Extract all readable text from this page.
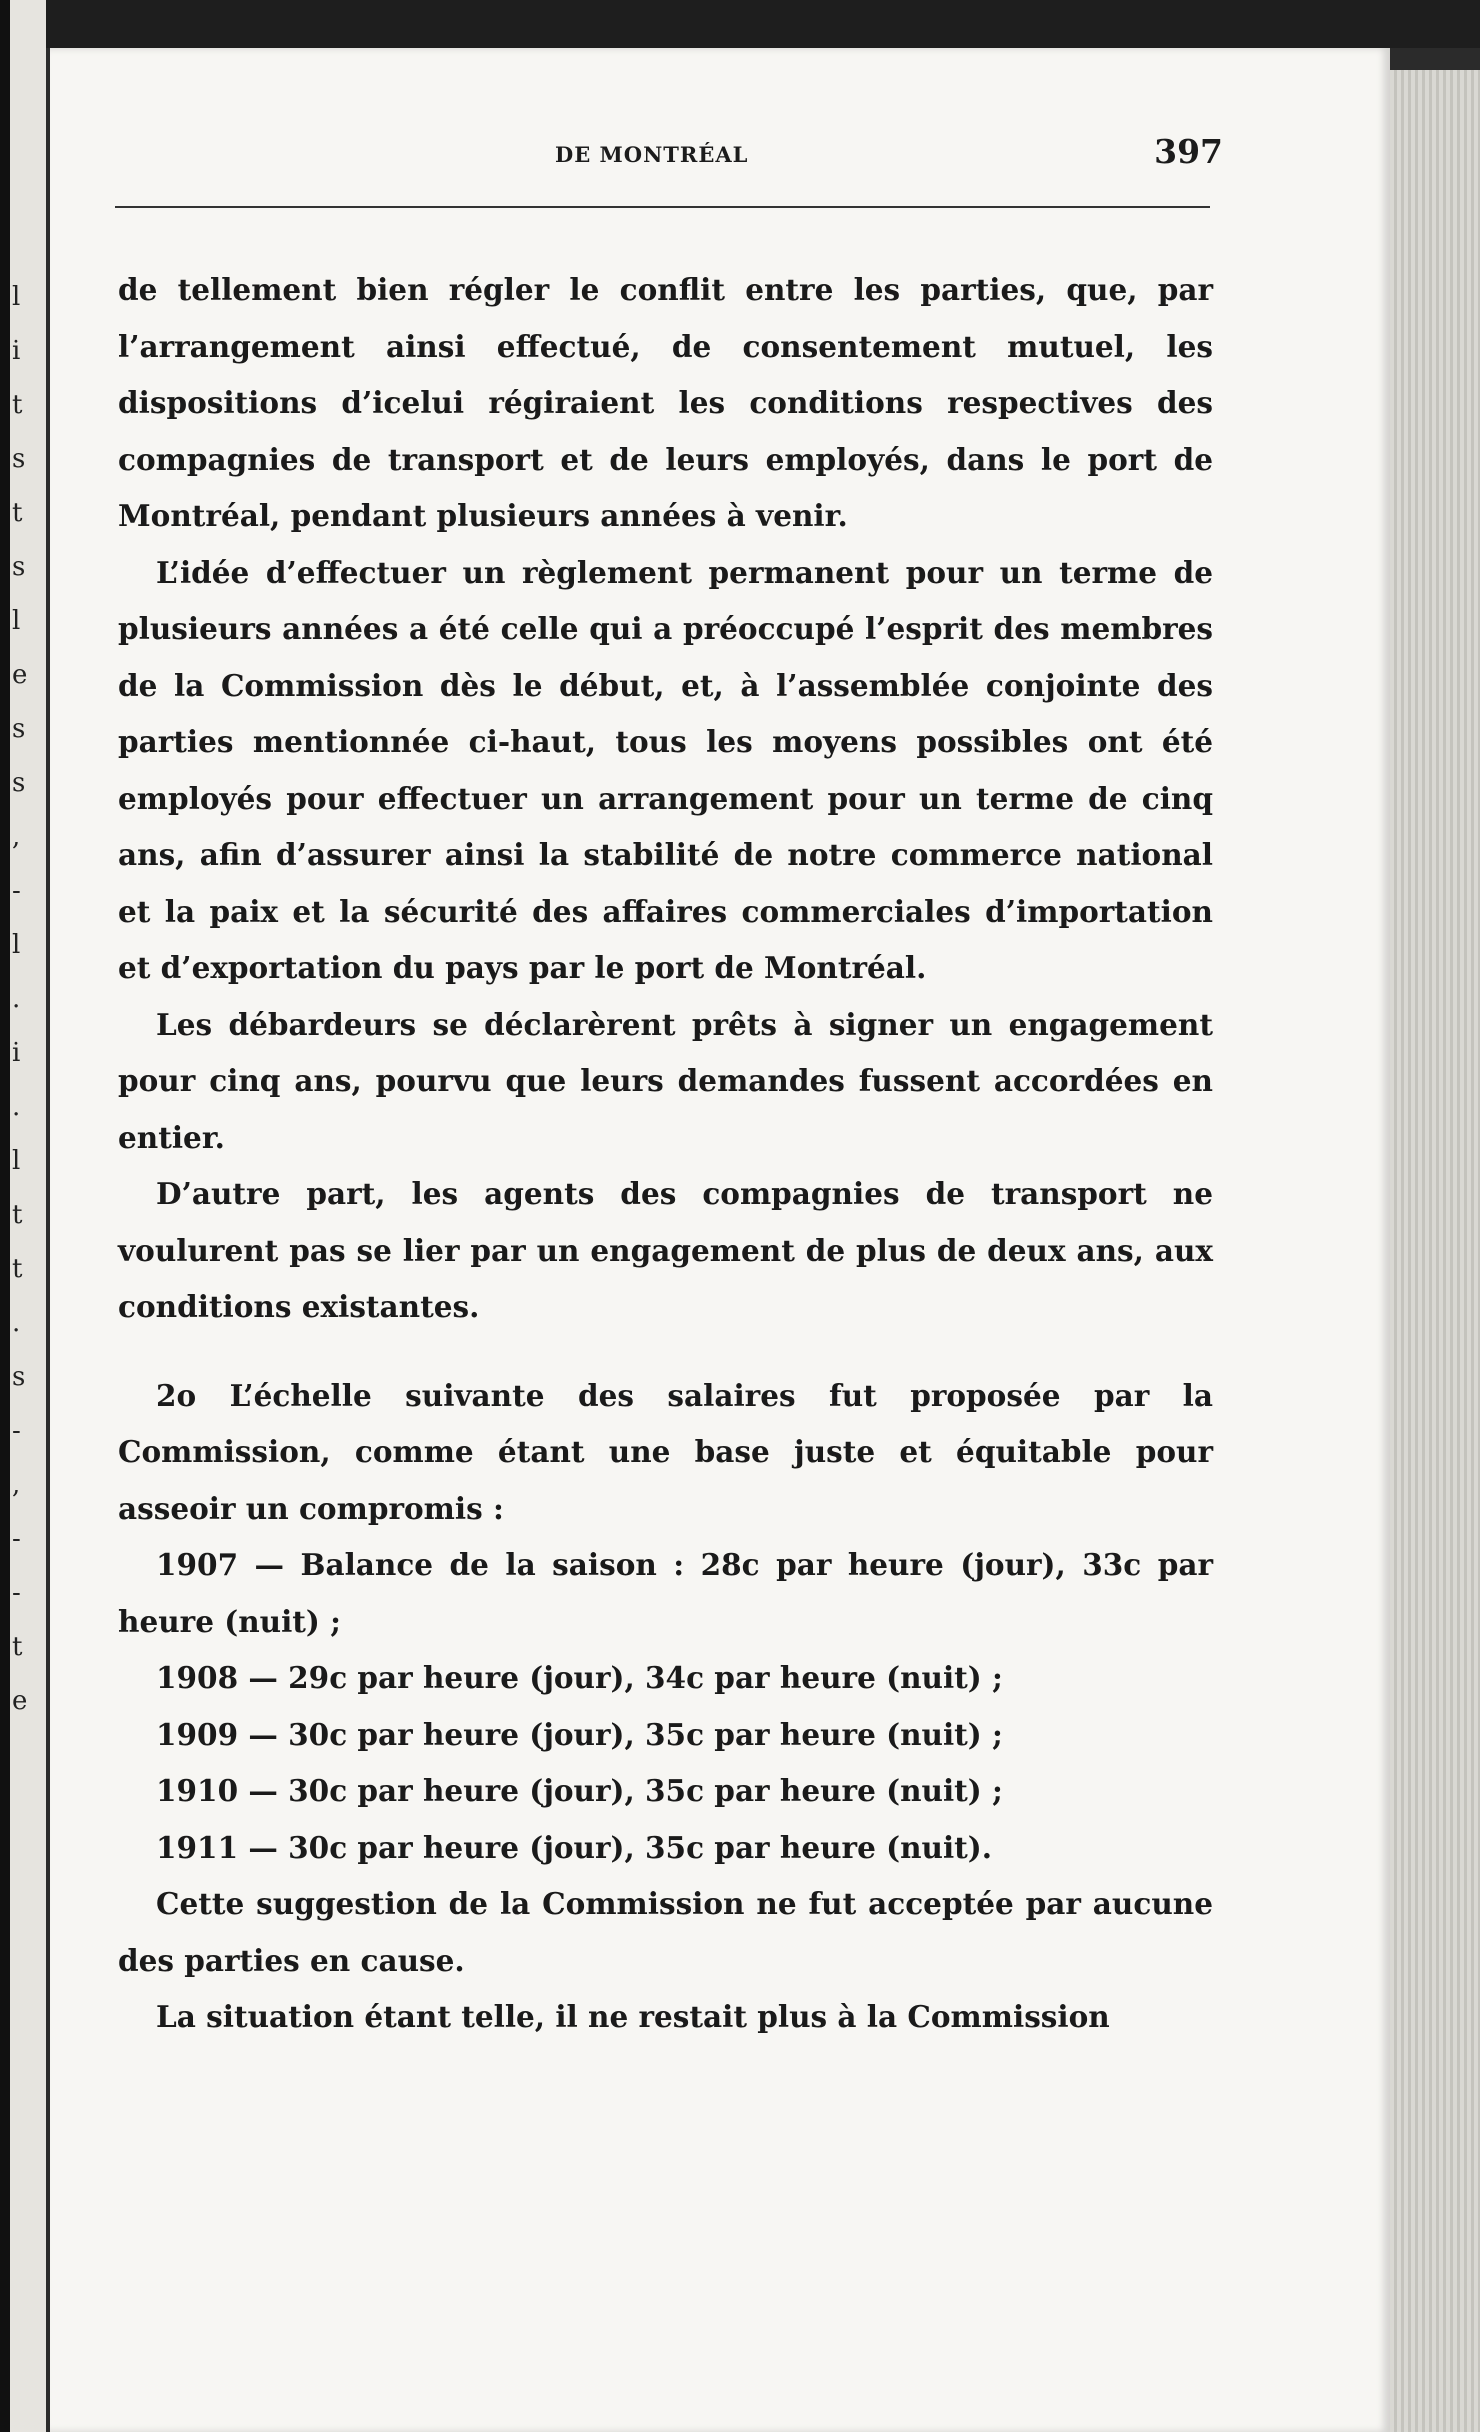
l
i
t
s
t
s
l
e
s
s
,
-
l
.
i
.
l
t
t
.
s
-
,
-
-
t
e
DE MONTRÉAL	397

de tellement bien régler le conflit entre les parties, que, par l’arrangement ainsi effectué, de consentement mutuel, les dispositions d’icelui régiraient les conditions respectives des compagnies de transport et de leurs employés, dans le port de Montréal, pendant plusieurs années à venir.

L’idée d’effectuer un règlement permanent pour un terme de plusieurs années a été celle qui a préoccupé l’esprit des membres de la Commission dès le début, et, à l’assemblée conjointe des parties mentionnée ci-haut, tous les moyens possibles ont été employés pour effectuer un arrangement pour un terme de cinq ans, afin d’assurer ainsi la stabilité de notre commerce national et la paix et la sécurité des affaires commerciales d’importation et d’exportation du pays par le port de Montréal.

Les débardeurs se déclarèrent prêts à signer un engagement pour cinq ans, pourvu que leurs demandes fussent accordées en entier.

D’autre part, les agents des compagnies de transport ne voulurent pas se lier par un engagement de plus de deux ans, aux conditions existantes.

2o L’échelle suivante des salaires fut proposée par la Commission, comme étant une base juste et équitable pour asseoir un compromis :

1907 — Balance de la saison : 28c par heure (jour), 33c par heure (nuit) ;

1908 — 29c par heure (jour), 34c par heure (nuit) ;

1909 — 30c par heure (jour), 35c par heure (nuit) ;

1910 — 30c par heure (jour), 35c par heure (nuit) ;

1911 — 30c par heure (jour), 35c par heure (nuit).

Cette suggestion de la Commission ne fut acceptée par aucune des parties en cause.

La situation étant telle, il ne restait plus à la Commission
